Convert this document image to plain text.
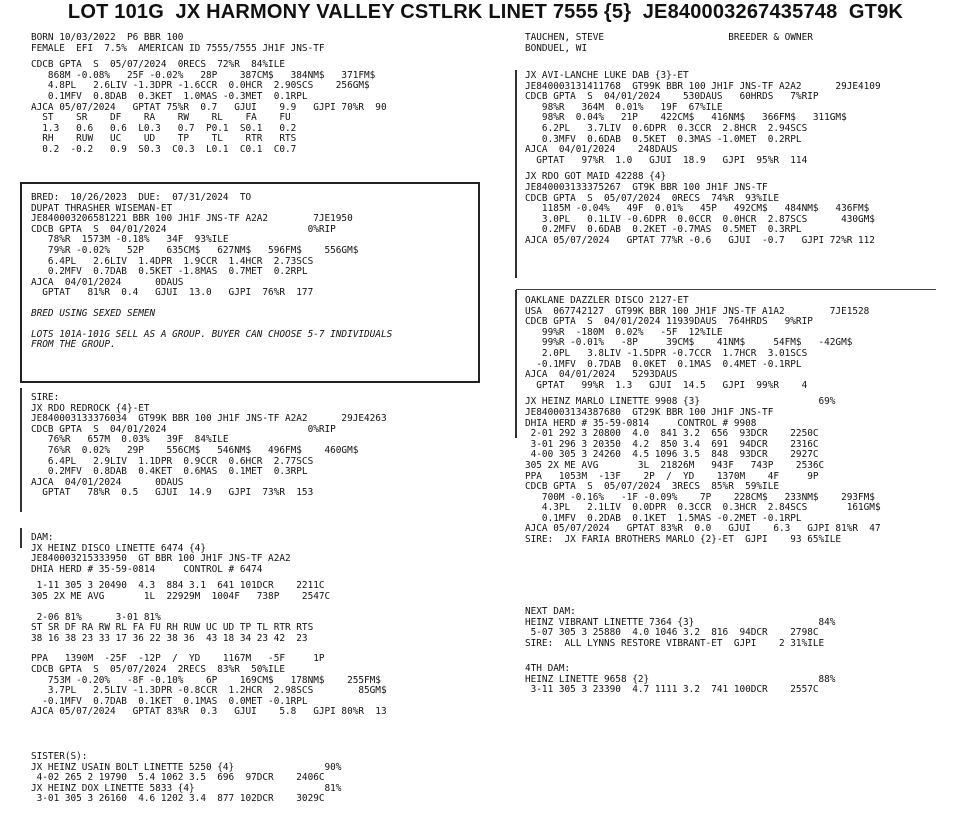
LOT 101G  JX HARMONY VALLEY CSTLRK LINET 7555 {5}  JE840003267435748  GT9K
BORN 10/03/2022  P6 BBR 100
FEMALE  EFI  7.5%  AMERICAN ID 7555/7555 JH1F JNS-TF
CDCB GPTA  S  05/07/2024  0RECS  72%R  84%ILE
868M -0.08%   25F -0.02%   28P    387CM$   384NM$   371FM$
4.8PL   2.6LIV -1.3DPR -1.6CCR  0.0HCR  2.90SCS    256GM$
0.1MFV  0.8DAB  0.3KET  1.0MAS -0.3MET  0.1RPL
AJCA 05/07/2024   GPTAT 75%R  0.7   GJUI    9.9   GJPI 70%R  90
ST    SR    DF    RA    RW    RL    FA    FU
1.3   0.6   0.6  L0.3   0.7  P0.1  S0.1   0.2
RH    RUW   UC    UD    TP    TL    RTR   RTS
0.2  -0.2   0.9  S0.3  C0.3  L0.1  C0.1  C0.7
BRED:  10/26/2023  DUE:  07/31/2024  TO
DUPAT THRASHER WISEMAN-ET
JE840003206581221 BBR 100 JH1F JNS-TF A2A2        7JE1950
CDCB GPTA  S  04/01/2024                         0%RIP
78%R  1573M -0.18%   34F  93%ILE
79%R -0.02%   52P    635CM$   627NM$   596FM$    556GM$
6.4PL   2.6LIV  1.4DPR  1.9CCR  1.4HCR  2.73SCS
0.2MFV  0.7DAB  0.5KET -1.8MAS  0.7MET  0.2RPL
AJCA  04/01/2024      0DAUS
GPTAT   81%R  0.4   GJUI  13.0   GJPI  76%R  177
BRED USING SEXED SEMEN
LOTS 101A-101G SELL AS A GROUP. BUYER CAN CHOOSE 5-7 INDIVIDUALS
FROM THE GROUP.
SIRE:
JX RDO REDROCK {4}-ET
JE840003133376034  GT99K BBR 100 JH1F JNS-TF A2A2      29JE4263
CDCB GPTA  S  04/01/2024                         0%RIP
76%R   657M  0.03%   39F  84%ILE
76%R  0.02%   29P    556CM$   546NM$   496FM$    460GM$
6.4PL   2.9LIV  1.1DPR  0.9CCR  0.6HCR  2.77SCS
0.2MFV  0.8DAB  0.4KET  0.6MAS  0.1MET  0.3RPL
AJCA  04/01/2024      0DAUS
GPTAT   78%R  0.5   GJUI  14.9   GJPI  73%R  153
DAM:
JX HEINZ DISCO LINETTE 6474 {4}
JE840003215333950  GT BBR 100 JH1F JNS-TF A2A2
DHIA HERD # 35-59-0814     CONTROL # 6474
1-11 305 3 20490  4.3  884 3.1  641 101DCR    2211C
305 2X ME AVG       1L  22929M  1004F   738P    2547C
2-06 81%      3-01 81%
ST SR DF RA RW RL FA FU RH RUW UC UD TP TL RTR RTS
38 16 38 23 33 17 36 22 38 36  43 18 34 23 42  23
PPA   1390M  -25F  -12P  /  YD    1167M   -5F     1P
CDCB GPTA  S  05/07/2024  2RECS  83%R  50%ILE
753M -0.20%   -8F -0.10%    6P    169CM$   178NM$    255FM$
3.7PL   2.5LIV -1.3DPR -0.8CCR  1.2HCR  2.98SCS        85GM$
-0.1MFV  0.7DAB  0.1KET  0.1MAS  0.0MET -0.1RPL
AJCA 05/07/2024   GPTAT 83%R  0.3   GJUI    5.8   GJPI 80%R  13
SISTER(S):
JX HEINZ USAIN BOLT LINETTE 5250 {4}                90%
4-02 265 2 19790  5.4 1062 3.5  696  97DCR    2406C
JX HEINZ DOX LINETTE 5833 {4}                       81%
3-01 305 3 26160  4.6 1202 3.4  877 102DCR    3029C
TAUCHEN, STEVE                      BREEDER & OWNER
BONDUEL, WI
JX AVI-LANCHE LUKE DAB {3}-ET
JE840003131411768  GT99K BBR 100 JH1F JNS-TF A2A2      29JE4109
CDCB GPTA  S  04/01/2024    530DAUS   60HRDS   7%RIP
98%R   364M  0.01%   19F  67%ILE
98%R  0.04%   21P    422CM$   416NM$   366FM$   311GM$
6.2PL   3.7LIV  0.6DPR  0.3CCR  2.8HCR  2.94SCS
0.3MFV  0.6DAB  0.5KET  0.3MAS -1.0MET  0.2RPL
AJCA  04/01/2024    248DAUS
GPTAT   97%R  1.0   GJUI  18.9   GJPI  95%R  114
JX RDO GOT MAID 42288 {4}
JE840003133375267  GT9K BBR 100 JH1F JNS-TF
CDCB GPTA  S  05/07/2024  0RECS  74%R  93%ILE
1185M -0.04%   49F  0.01%   45P   492CM$   484NM$   436FM$
3.0PL   0.1LIV -0.6DPR  0.0CCR  0.0HCR  2.87SCS      430GM$
0.2MFV  0.6DAB  0.2KET -0.7MAS  0.5MET  0.3RPL
AJCA 05/07/2024   GPTAT 77%R -0.6   GJUI  -0.7   GJPI 72%R 112
OAKLANE DAZZLER DISCO 2127-ET
USA  067742127  GT99K BBR 100 JH1F JNS-TF A1A2        7JE1528
CDCB GPTA  S  04/01/2024 11939DAUS  764HRDS   9%RIP
99%R  -180M  0.02%   -5F  12%ILE
99%R -0.01%   -8P     39CM$    41NM$     54FM$   -42GM$
2.0PL   3.8LIV -1.5DPR -0.7CCR  1.7HCR  3.01SCS
-0.1MFV  0.7DAB  0.0KET  0.1MAS  0.4MET -0.1RPL
AJCA  04/01/2024   5293DAUS
GPTAT   99%R  1.3   GJUI  14.5   GJPI  99%R    4
JX HEINZ MARLO LINETTE 9908 {3}                     69%
JE840003134387680  GT29K BBR 100 JH1F JNS-TF
DHIA HERD # 35-59-0814     CONTROL # 9908
2-01 292 3 20800  4.0  841 3.2  656  93DCR    2250C
3-01 296 3 20350  4.2  850 3.4  691  94DCR    2316C
4-00 305 3 24260  4.5 1096 3.5  848  93DCR    2927C
305 2X ME AVG       3L  21826M   943F   743P    2536C
PPA   1053M  -13F    2P  /  YD    1370M    4F     9P
CDCB GPTA  S  05/07/2024  3RECS  85%R  59%ILE
700M -0.16%   -1F -0.09%    7P    228CM$   233NM$    293FM$
4.3PL   2.1LIV  0.0DPR  0.3CCR  0.3HCR  2.84SCS       161GM$
0.1MFV  0.2DAB  0.1KET  1.5MAS -0.2MET -0.1RPL
AJCA 05/07/2024   GPTAT 83%R  0.0   GJUI    6.3   GJPI 81%R  47
SIRE:  JX FARIA BROTHERS MARLO {2}-ET  GJPI    93 65%ILE
NEXT DAM:
HEINZ VIBRANT LINETTE 7364 {3}                      84%
5-07 305 3 25880  4.0 1046 3.2  816  94DCR    2798C
SIRE:  ALL LYNNS RESTORE VIBRANT-ET  GJPI    2 31%ILE
4TH DAM:
HEINZ LINETTE 9658 {2}                              88%
3-11 305 3 23390  4.7 1111 3.2  741 100DCR    2557C
